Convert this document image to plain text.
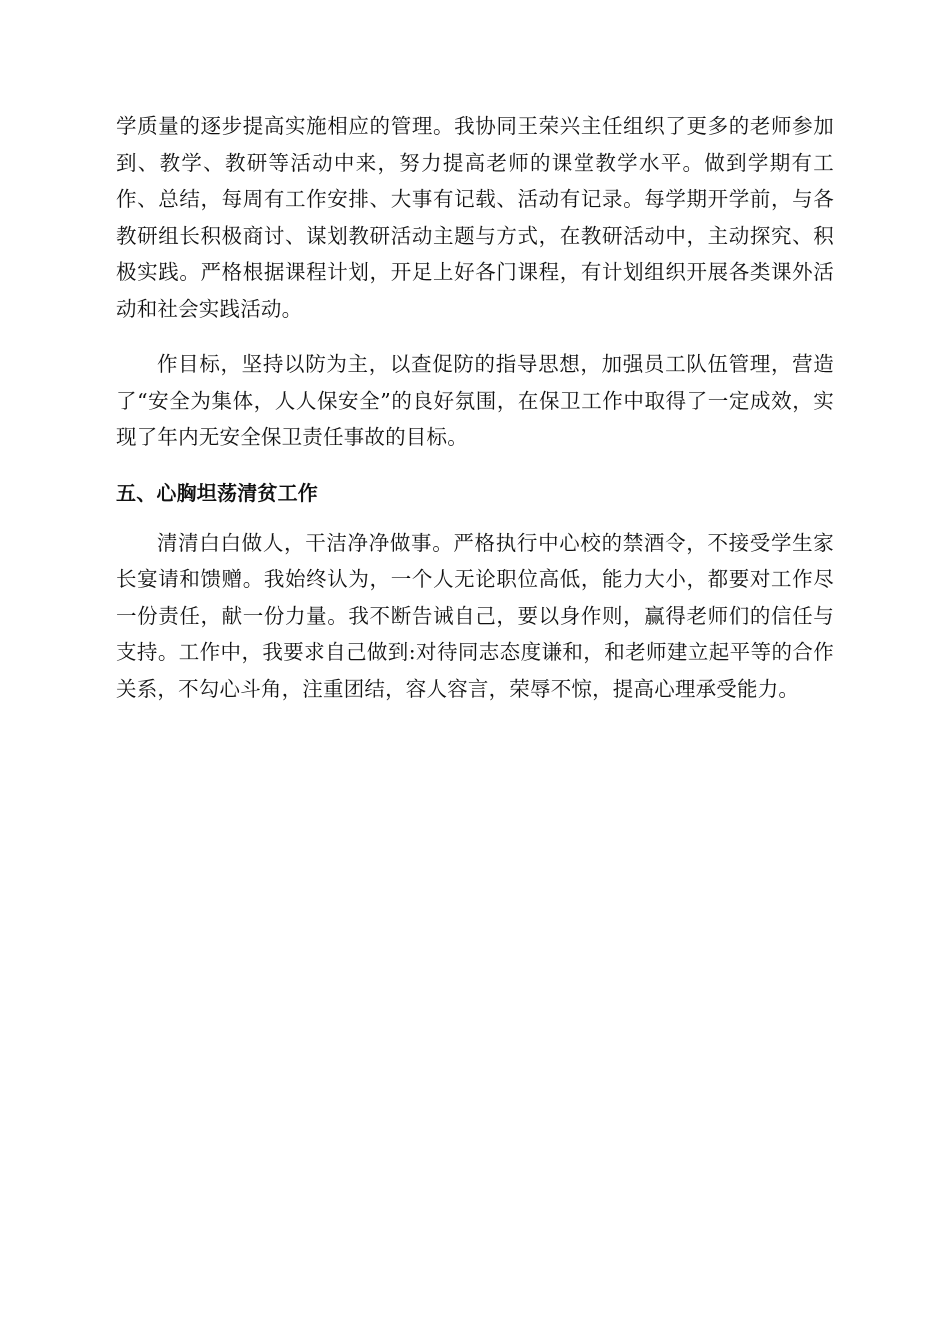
学质量的逐步提高实施相应的管理。我协同王荣兴主任组织了更多的老师参加到、教学、教研等活动中来，努力提高老师的课堂教学水平。做到学期有工作、总结，每周有工作安排、大事有记载、活动有记录。每学期开学前，与各教研组长积极商讨、谋划教研活动主题与方式，在教研活动中，主动探究、积极实践。严格根据课程计划，开足上好各门课程，有计划组织开展各类课外活动和社会实践活动。

作目标，坚持以防为主，以查促防的指导思想，加强员工队伍管理，营造了“安全为集体，人人保安全”的良好氛围，在保卫工作中取得了一定成效，实现了年内无安全保卫责任事故的目标。

五、心胸坦荡清贫工作

清清白白做人，干洁净净做事。严格执行中心校的禁酒令，不接受学生家长宴请和馈赠。我始终认为，一个人无论职位高低，能力大小，都要对工作尽一份责任，献一份力量。我不断告诫自己，要以身作则，赢得老师们的信任与支持。工作中，我要求自己做到:对待同志态度谦和，和老师建立起平等的合作关系，不勾心斗角，注重团结，容人容言，荣辱不惊，提高心理承受能力。
